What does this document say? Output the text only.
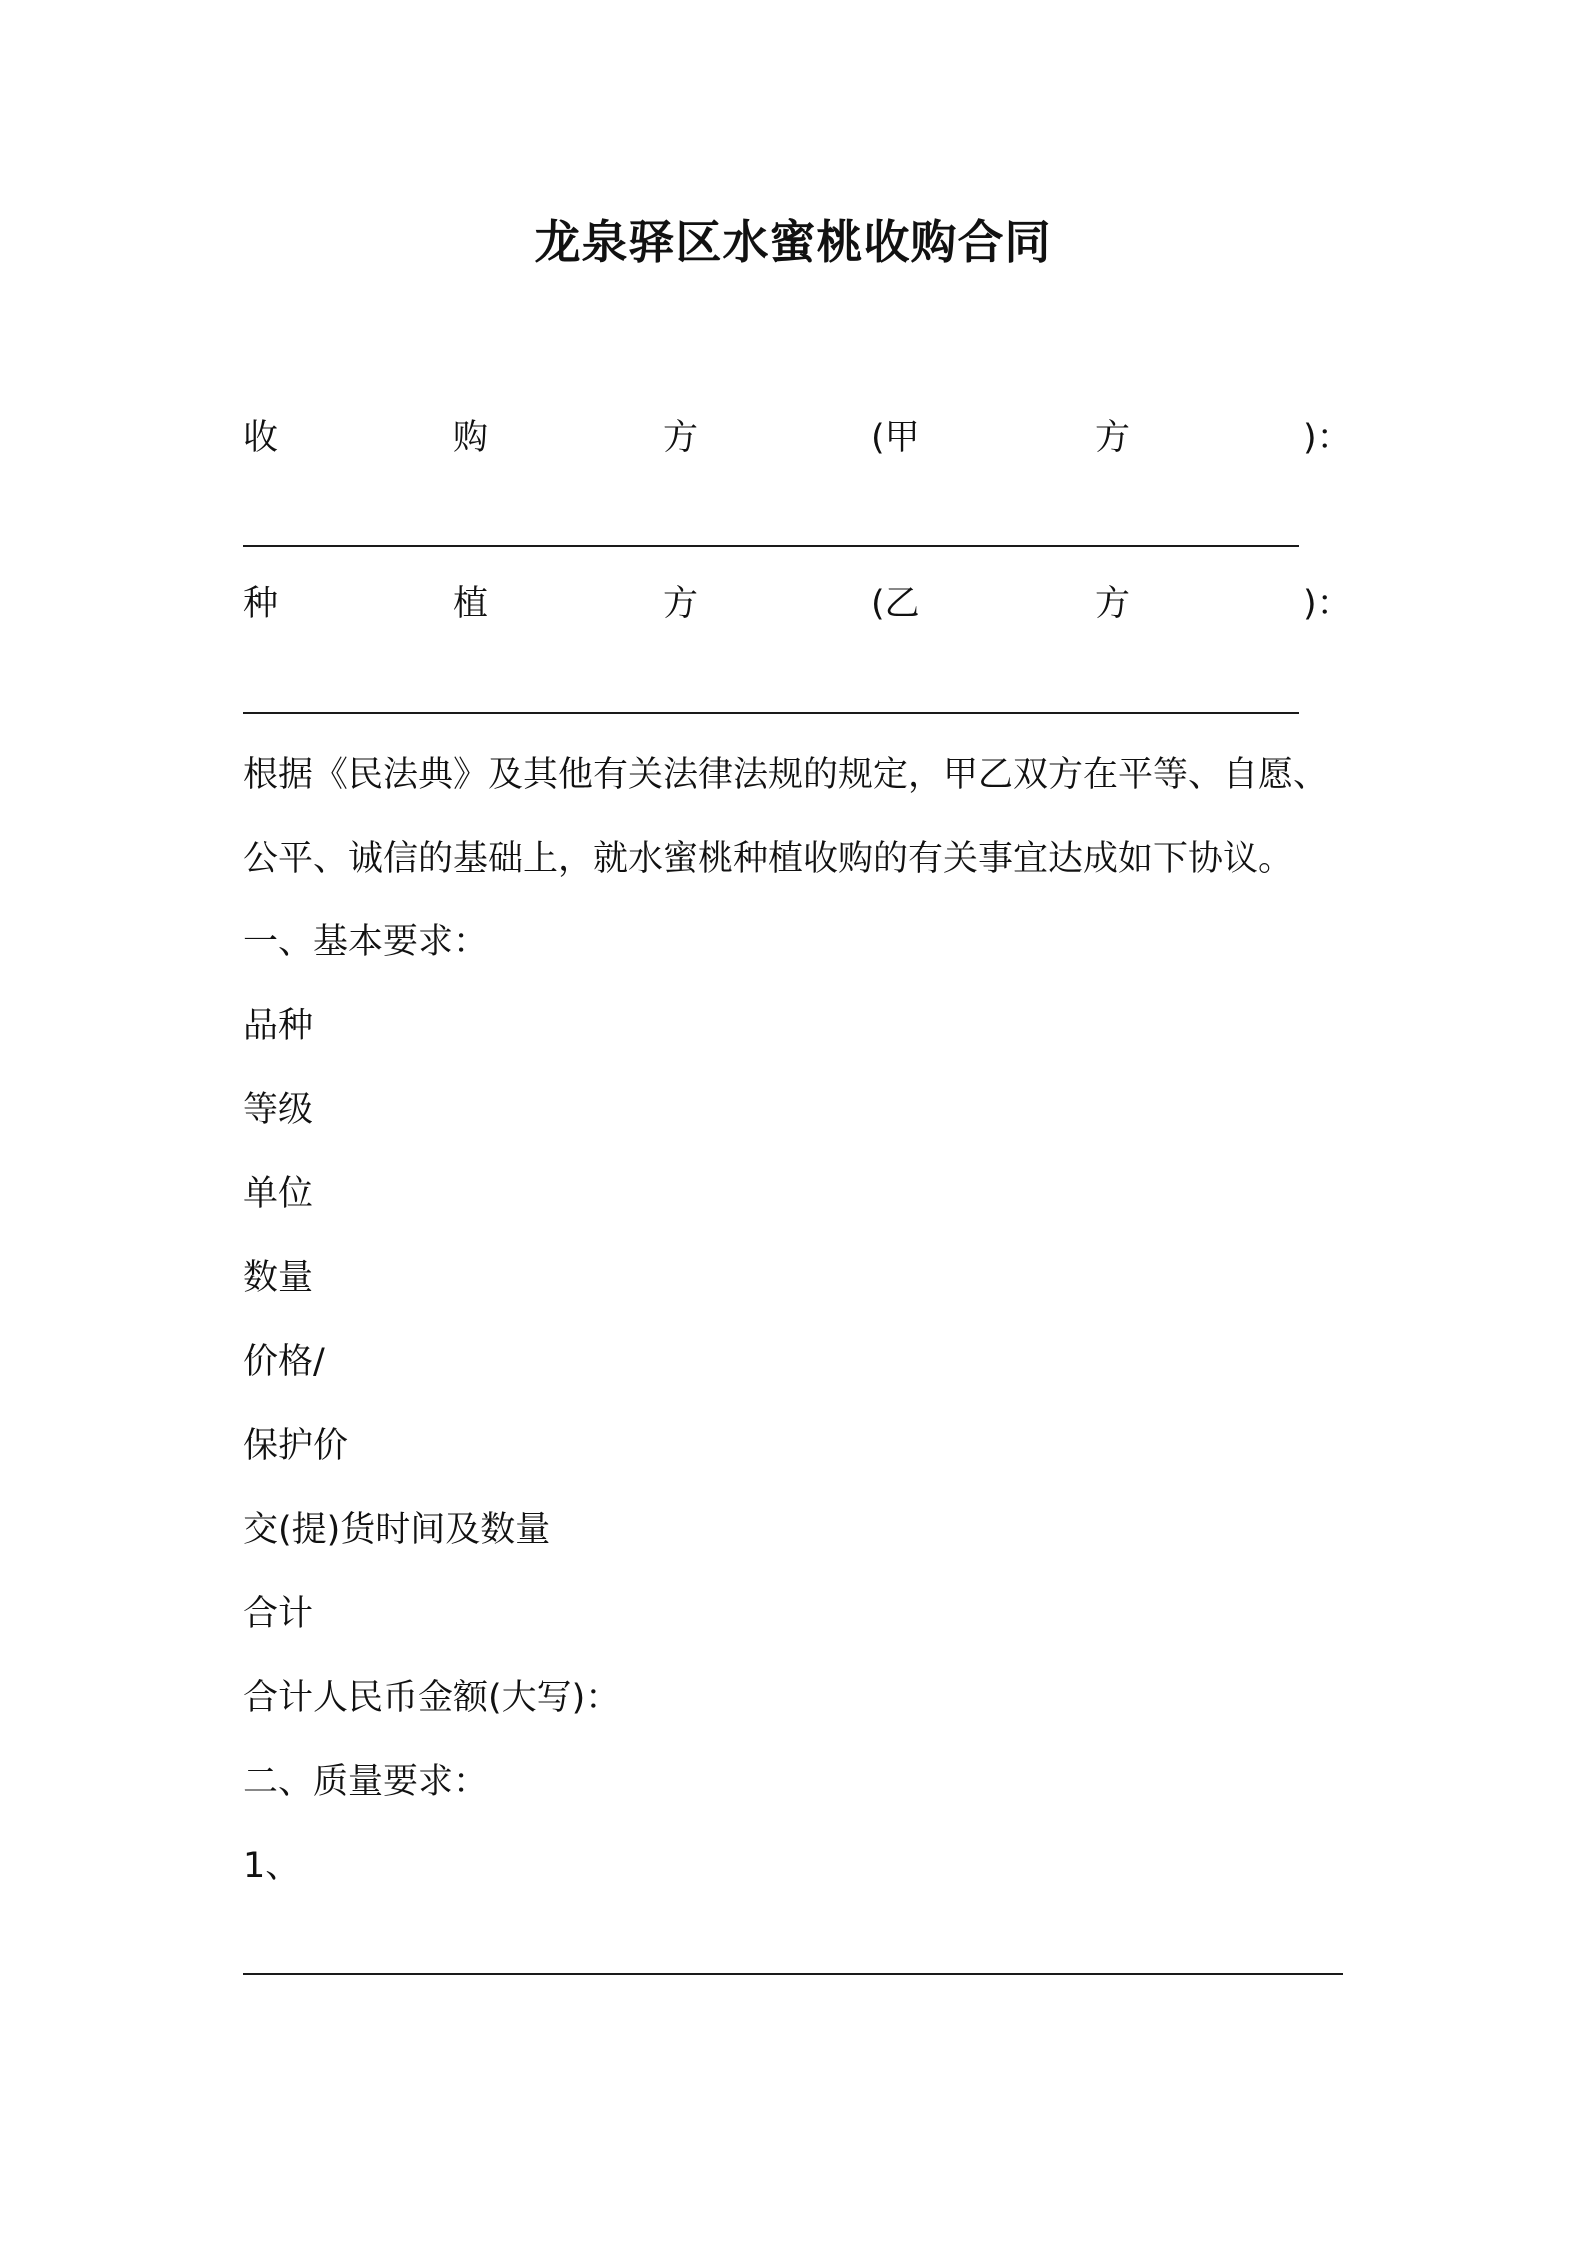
龙泉驿区水蜜桃收购合同
收	购	方	(甲	方	)：
种	植	方	(乙	方	)：
根据《民法典》及其他有关法律法规的规定，甲乙双方在平等、自愿、
公平、诚信的基础上，就水蜜桃种植收购的有关事宜达成如下协议。
一、基本要求：
品种
等级
单位
数量
价格/
保护价
交(提)货时间及数量
合计
合计人民币金额(大写)：
二、质量要求：
1、
